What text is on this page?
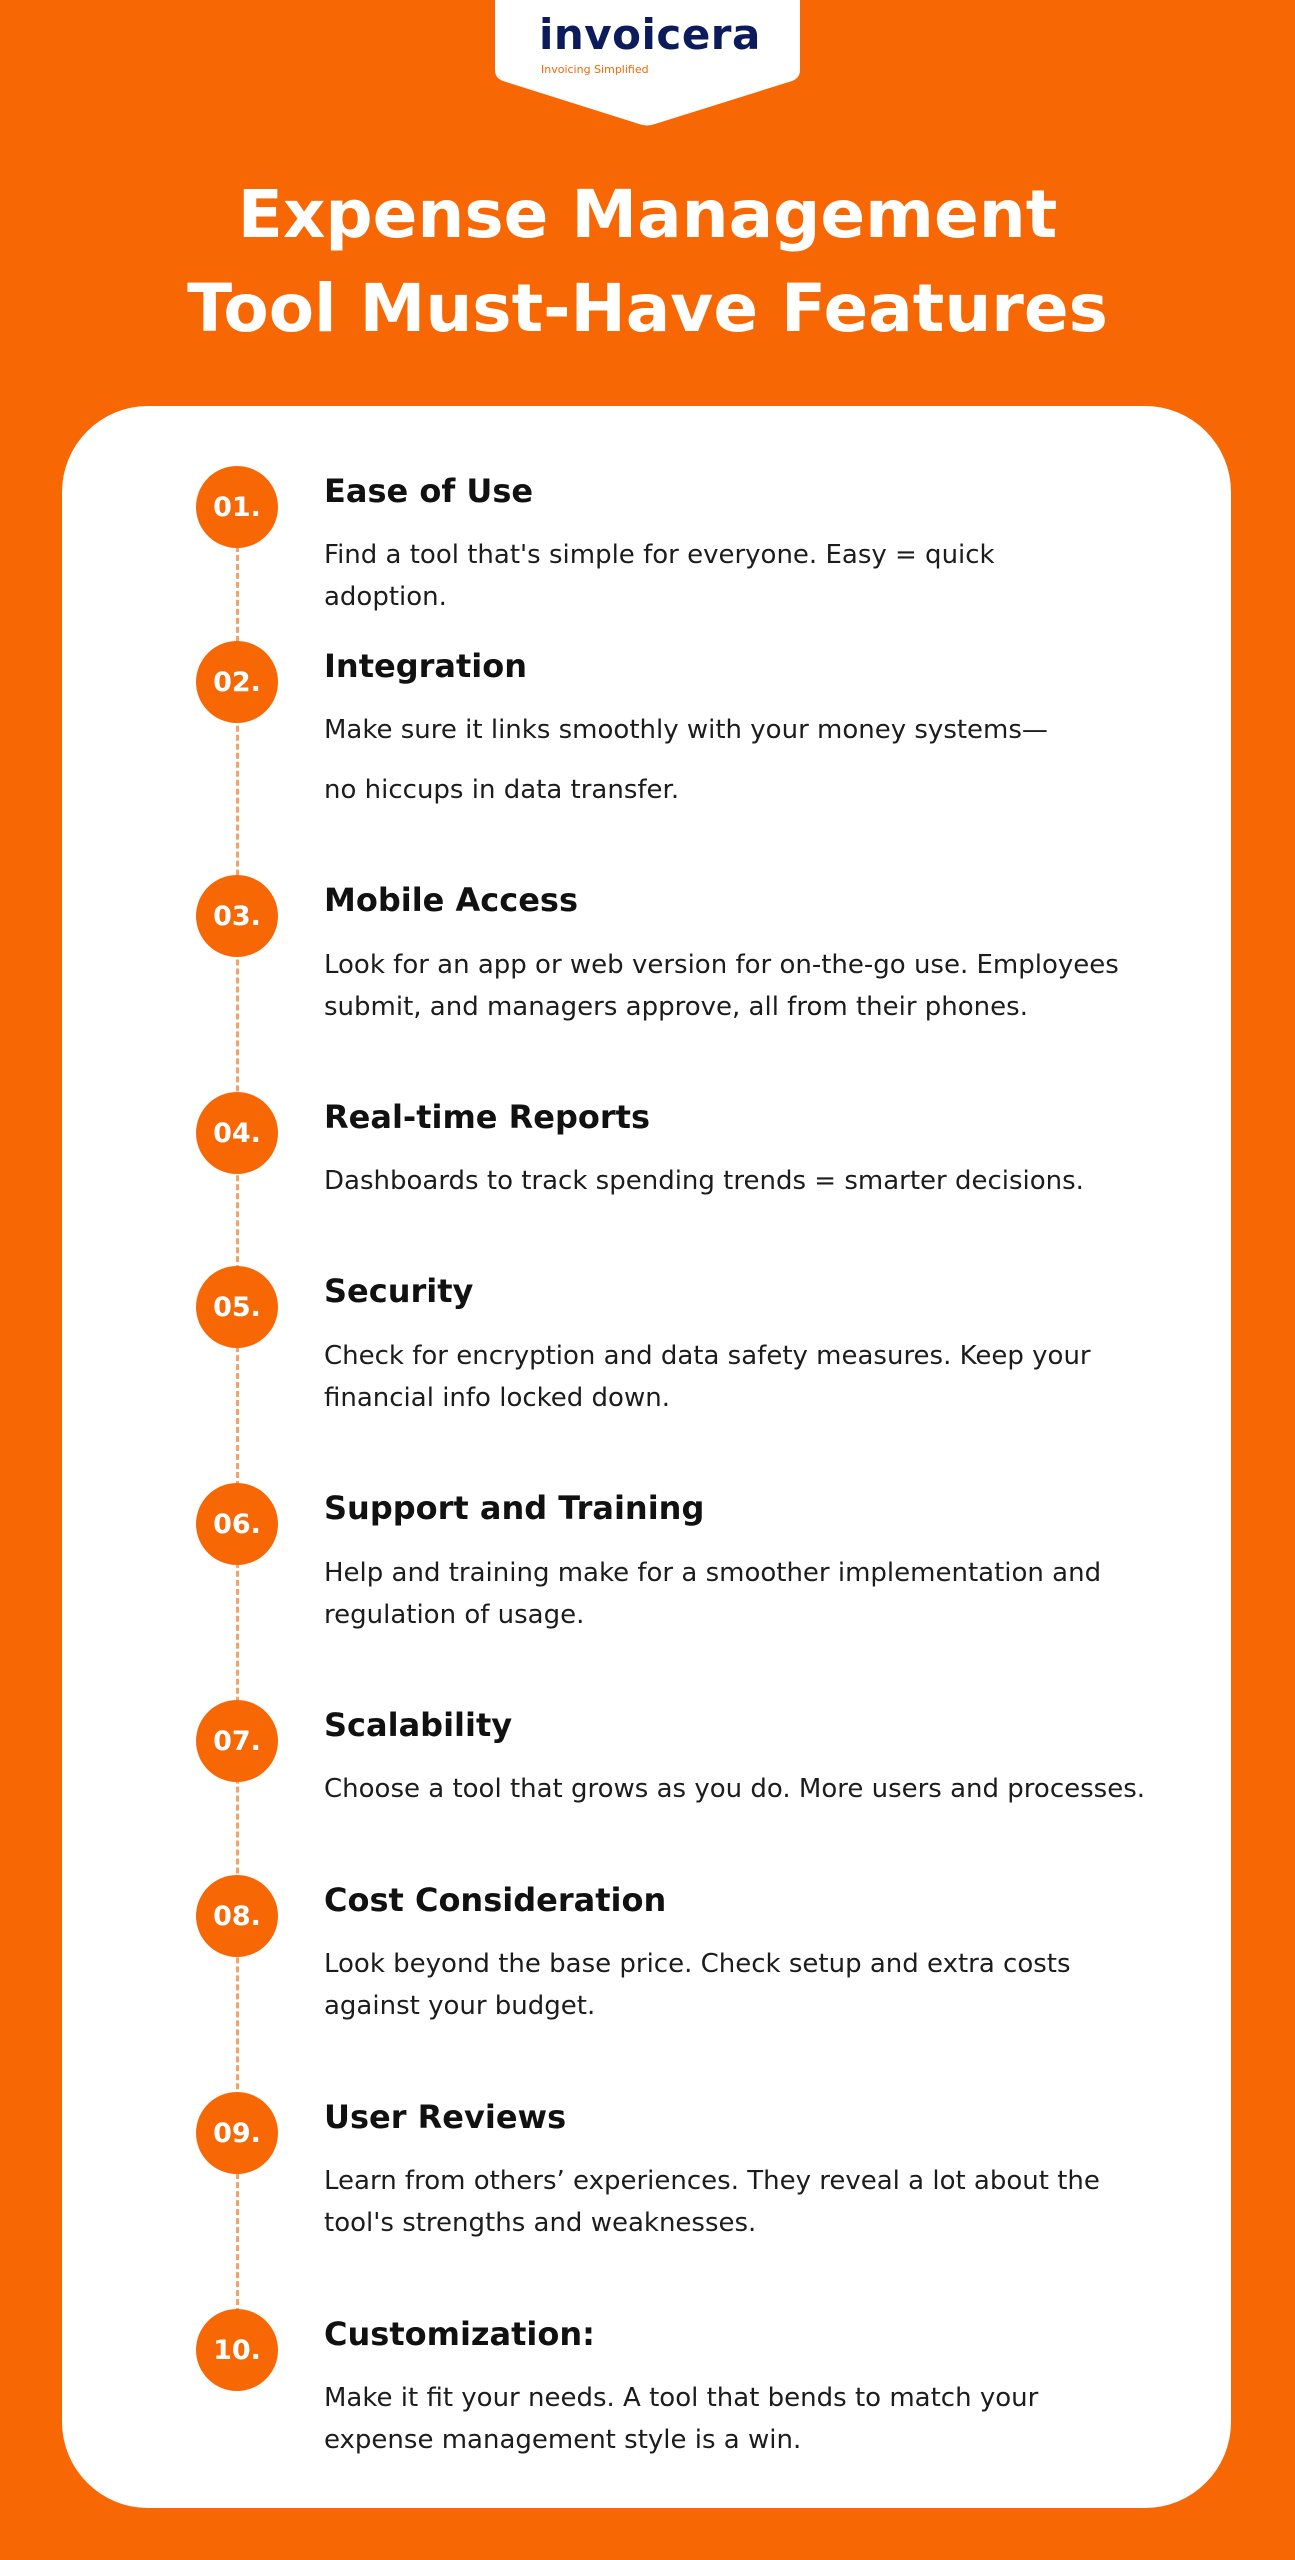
invoicera
Invoicing Simplified
Expense Management
Tool Must-Have Features
01.	Ease of Use

Find a tool that's simple for everyone. Easy = quick adoption.

02.	Integration

Make sure it links smoothly with your money systems—
no hiccups in data transfer.

03.	Mobile Access

Look for an app or web version for on-the-go use. Employees submit, and managers approve, all from their phones.

04.	Real-time Reports

Dashboards to track spending trends = smarter decisions.

05.	Security

Check for encryption and data safety measures. Keep your financial info locked down.

06.	Support and Training

Help and training make for a smoother implementation and regulation of usage.

07.	Scalability

Choose a tool that grows as you do. More users and processes.

08.	Cost Consideration

Look beyond the base price. Check setup and extra costs against your budget.

09.	User Reviews

Learn from others’ experiences. They reveal a lot about the tool's strengths and weaknesses.

10.	Customization:

Make it fit your needs. A tool that bends to match your expense management style is a win.
